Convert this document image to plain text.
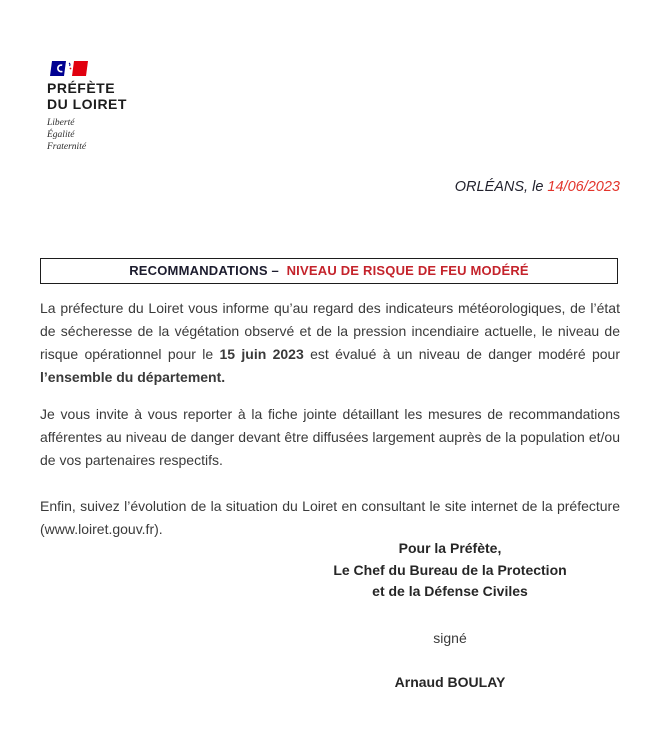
PRÉFÈTE
DU LOIRET
Liberté
Égalité
Fraternité
ORLÉANS, le 14/06/2023
RECOMMANDATIONS –  NIVEAU DE RISQUE DE FEU MODÉRÉ

La préfecture du Loiret vous informe qu’au regard des indicateurs météorologiques, de l’état de sécheresse de la végétation observé et de la pression incendiaire actuelle, le niveau de risque opérationnel pour le 15 juin 2023 est évalué à un niveau de danger modéré pour l’ensemble du département.

Je vous invite à vous reporter à la fiche jointe détaillant les mesures de recommandations afférentes au niveau de danger devant être diffusées largement auprès de la population et/ou de vos partenaires respectifs.

Enfin, suivez l’évolution de la situation du Loiret en consultant le site internet de la préfecture (www.loiret.gouv.fr).

Pour la Préfète,
Le Chef du Bureau de la Protection
et de la Défense Civiles
signé
Arnaud BOULAY
